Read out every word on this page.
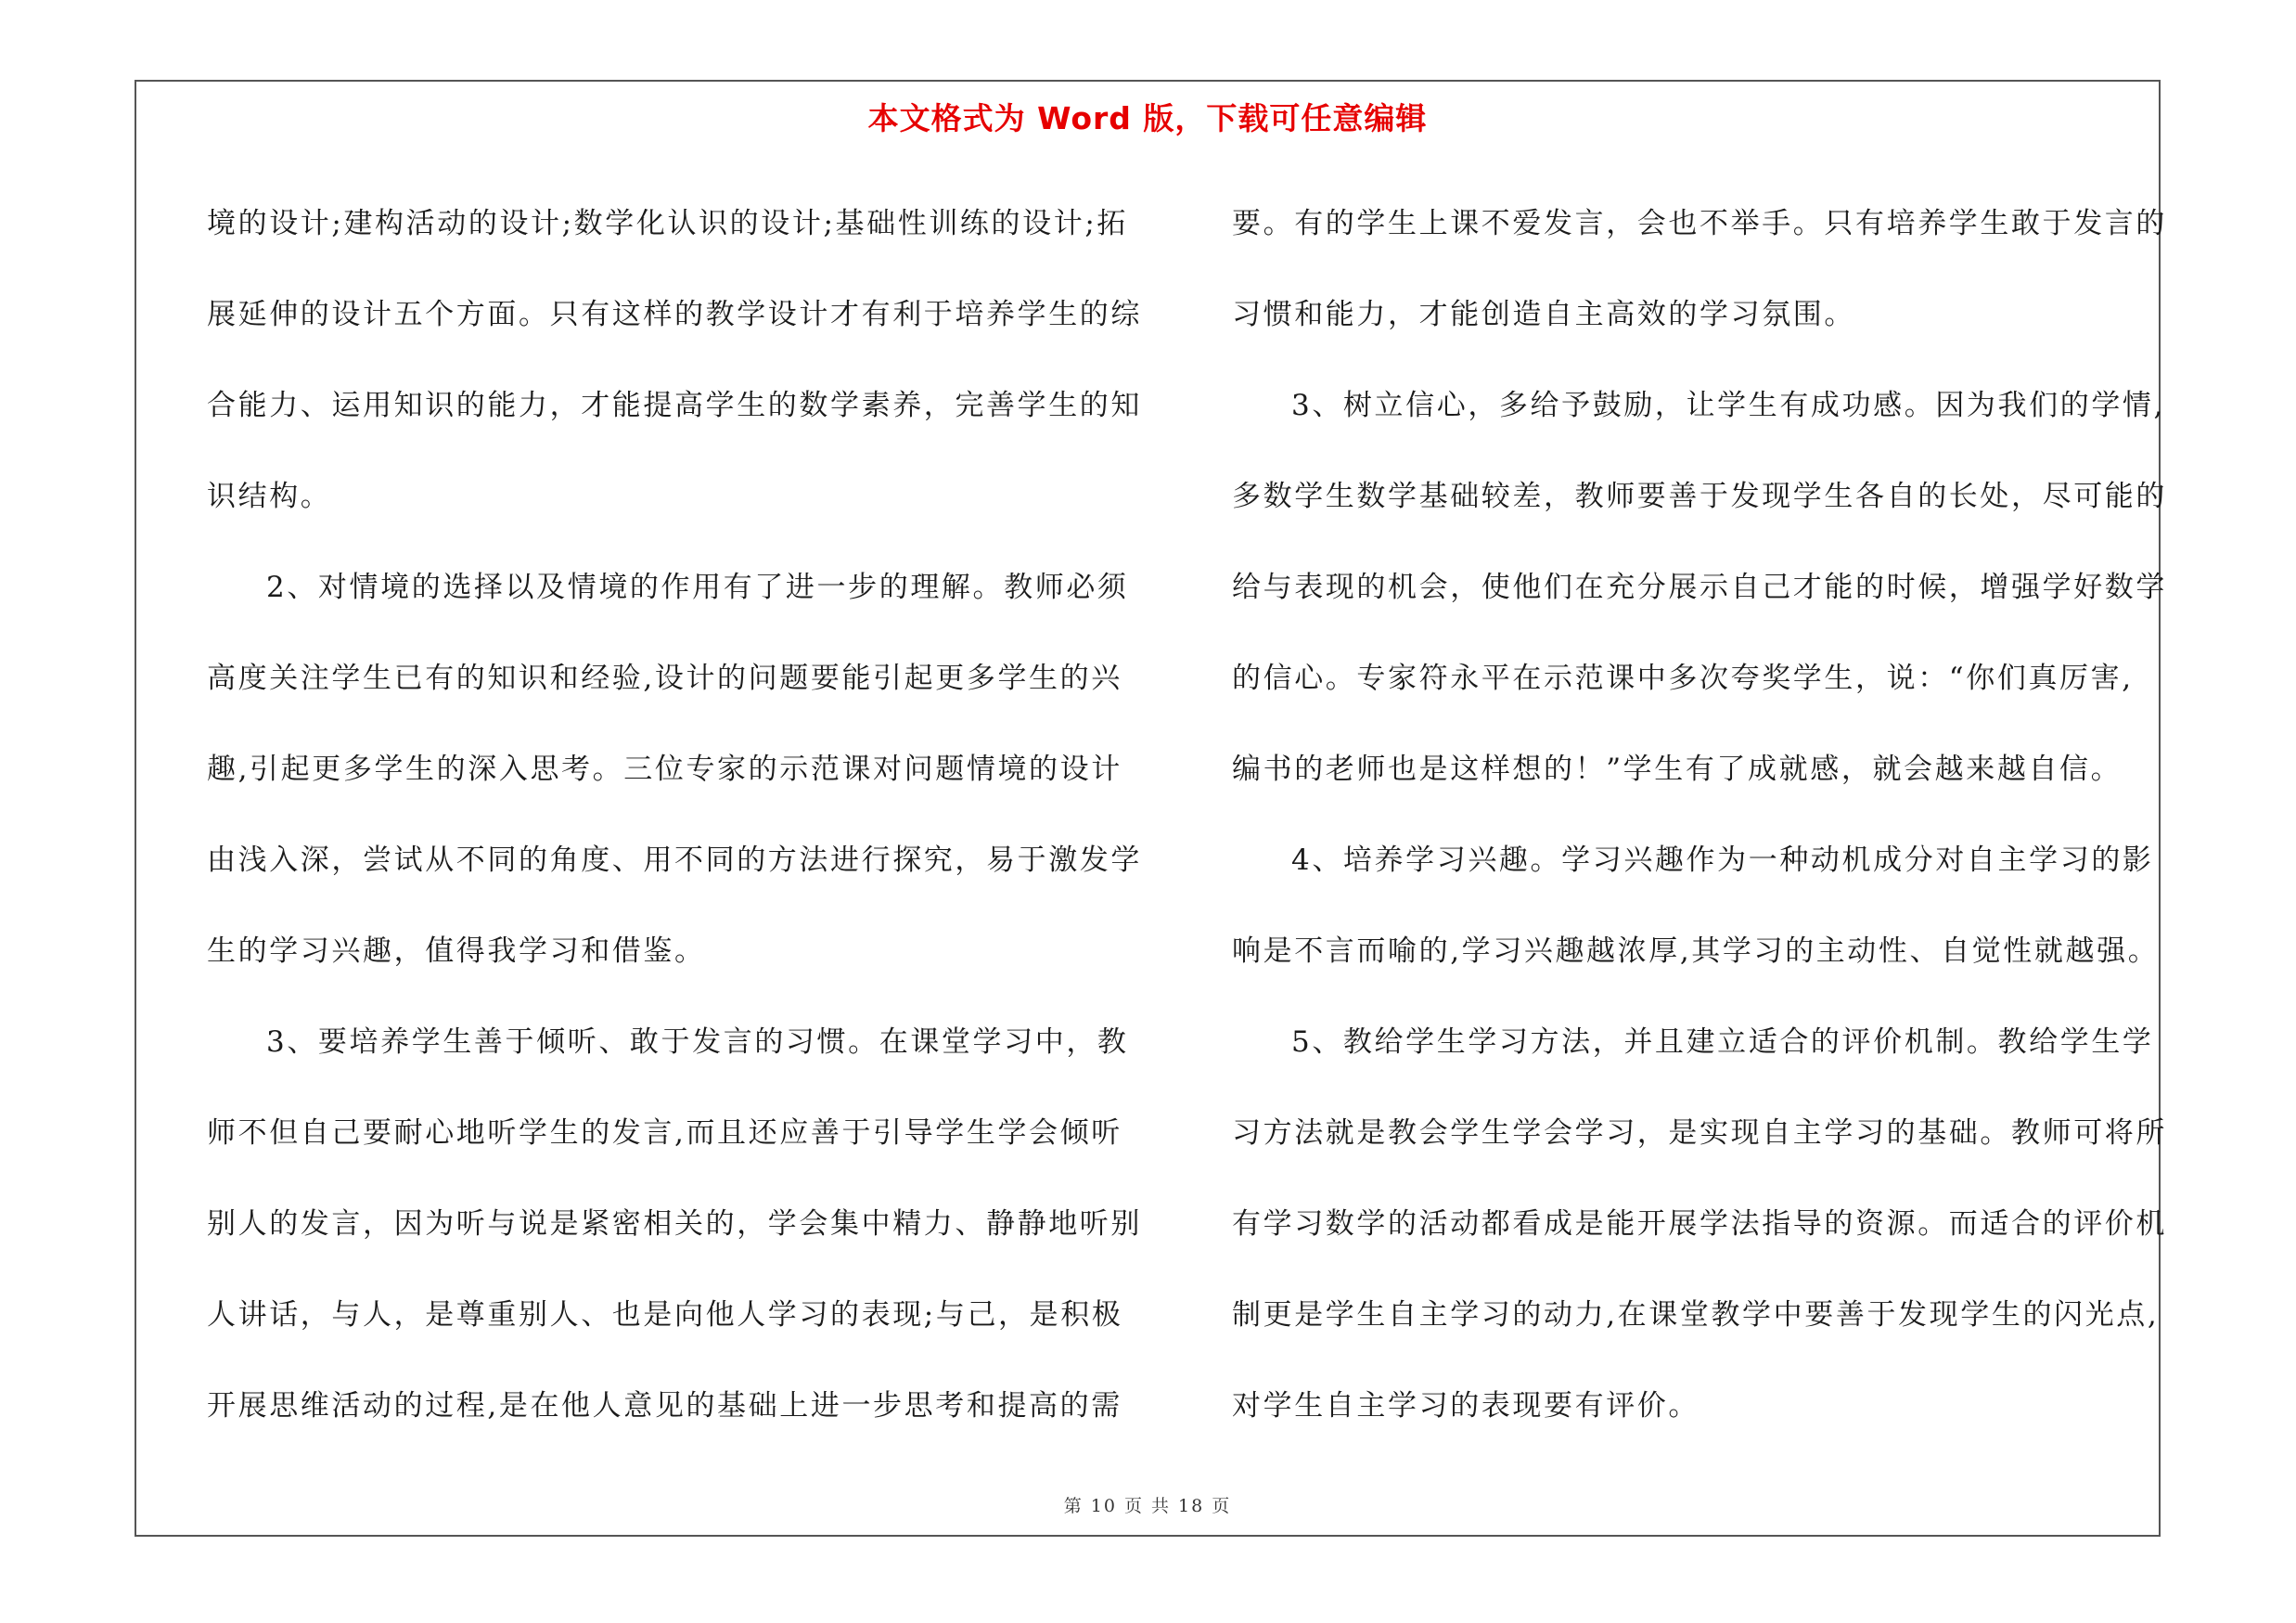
本文格式为 Word 版，下载可任意编辑
境的设计;建构活动的设计;数学化认识的设计;基础性训练的设计;拓
展延伸的设计五个方面。只有这样的教学设计才有利于培养学生的综
合能力、运用知识的能力，才能提高学生的数学素养，完善学生的知
识结构。
2、对情境的选择以及情境的作用有了进一步的理解。教师必须
高度关注学生已有的知识和经验,设计的问题要能引起更多学生的兴
趣,引起更多学生的深入思考。三位专家的示范课对问题情境的设计
由浅入深，尝试从不同的角度、用不同的方法进行探究，易于激发学
生的学习兴趣，值得我学习和借鉴。
3、要培养学生善于倾听、敢于发言的习惯。在课堂学习中，教
师不但自己要耐心地听学生的发言,而且还应善于引导学生学会倾听
别人的发言，因为听与说是紧密相关的，学会集中精力、静静地听别
人讲话，与人，是尊重别人、也是向他人学习的表现;与己，是积极
开展思维活动的过程,是在他人意见的基础上进一步思考和提高的需
要。有的学生上课不爱发言，会也不举手。只有培养学生敢于发言的
习惯和能力，才能创造自主高效的学习氛围。
3、树立信心，多给予鼓励，让学生有成功感。因为我们的学情,
多数学生数学基础较差，教师要善于发现学生各自的长处，尽可能的
给与表现的机会，使他们在充分展示自己才能的时候，增强学好数学
的信心。专家符永平在示范课中多次夸奖学生，说：“你们真厉害,
编书的老师也是这样想的！”学生有了成就感，就会越来越自信。
4、培养学习兴趣。学习兴趣作为一种动机成分对自主学习的影
响是不言而喻的,学习兴趣越浓厚,其学习的主动性、自觉性就越强。
5、教给学生学习方法，并且建立适合的评价机制。教给学生学
习方法就是教会学生学会学习，是实现自主学习的基础。教师可将所
有学习数学的活动都看成是能开展学法指导的资源。而适合的评价机
制更是学生自主学习的动力,在课堂教学中要善于发现学生的闪光点,
对学生自主学习的表现要有评价。
第 10 页 共 18 页
